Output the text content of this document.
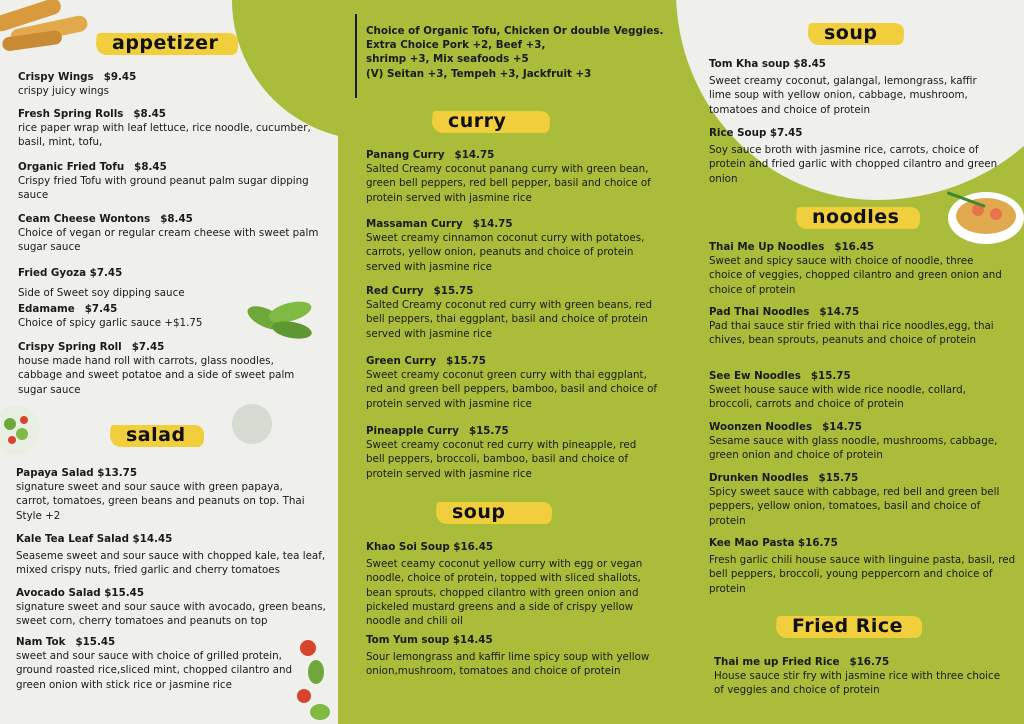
Choice of Organic Tofu, Chicken Or double Veggies.
Extra Choice Pork +2, Beef +3,
shrimp +3, Mix seafoods +5
(V) Seitan +3, Tempeh +3, Jackfruit +3
appetizer
salad
curry
soup
soup
noodles
Fried Rice
Crispy Wings $9.45
crispy juicy wings
Fresh Spring Rolls $8.45
rice paper wrap with leaf lettuce, rice noodle, cucumber, basil, mint, tofu,
Organic Fried Tofu $8.45
Crispy fried Tofu with ground peanut palm sugar dipping sauce
Ceam Cheese Wontons $8.45
Choice of vegan or regular cream cheese with sweet palm sugar sauce
Fried Gyoza $7.45
Side of Sweet soy dipping sauce
Edamame $7.45
Choice of spicy garlic sauce +$1.75
Crispy Spring Roll $7.45
house made hand roll with carrots, glass noodles, cabbage and sweet potatoe and a side of sweet palm sugar sauce
Papaya Salad $13.75
signature sweet and sour sauce with green papaya, carrot, tomatoes, green beans and peanuts on top. Thai Style +2
Kale Tea Leaf Salad $14.45
Seaseme sweet and sour sauce with chopped kale, tea leaf, mixed crispy nuts, fried garlic and cherry tomatoes
Avocado Salad $15.45
signature sweet and sour sauce with avocado, green beans, sweet corn, cherry tomatoes and peanuts on top
Nam Tok $15.45
sweet and sour sauce with choice of grilled protein, ground roasted rice,sliced mint, chopped cilantro and green onion with stick rice or jasmine rice
Panang Curry $14.75
Salted Creamy coconut panang curry with green bean, green bell peppers, red bell pepper, basil and choice of protein served with jasmine rice
Massaman Curry $14.75
Sweet creamy cinnamon coconut curry with potatoes, carrots, yellow onion, peanuts and choice of protein served with jasmine rice
Red Curry $15.75
Salted Creamy coconut red curry with green beans, red bell peppers, thai eggplant, basil and choice of protein served with jasmine rice
Green Curry $15.75
Sweet creamy coconut green curry with thai eggplant, red and green bell peppers, bamboo, basil and choice of protein served with jasmine rice
Pineapple Curry $15.75
Sweet creamy coconut red curry with pineapple, red bell peppers, broccoli, bamboo, basil and choice of protein served with jasmine rice
Khao Soi Soup $16.45
Sweet ceamy coconut yellow curry with egg or vegan noodle, choice of protein, topped with sliced shallots, bean sprouts, chopped cilantro with green onion and pickeled mustard greens and a side of crispy yellow noodle and chili oil
Tom Yum soup $14.45
Sour lemongrass and kaffir lime spicy soup with yellow onion,mushroom, tomatoes and choice of protein
Tom Kha soup $8.45
Sweet creamy coconut, galangal, lemongrass, kaffir lime soup with yellow onion, cabbage, mushroom, tomatoes and choice of protein
Rice Soup $7.45
Soy sauce broth with jasmine rice, carrots, choice of protein and fried garlic with chopped cilantro and green onion
Thai Me Up Noodles $16.45
Sweet and spicy sauce with choice of noodle, three choice of veggies, chopped cilantro and green onion and choice of protein
Pad Thai Noodles $14.75
Pad thai sauce stir fried with thai rice noodles,egg, thai chives, bean sprouts, peanuts and choice of protein
See Ew Noodles $15.75
Sweet house sauce with wide rice noodle, collard, broccoli, carrots and choice of protein
Woonzen Noodles $14.75
Sesame sauce with glass noodle, mushrooms, cabbage, green onion and choice of protein
Drunken Noodles $15.75
Spicy sweet sauce with cabbage, red bell and green bell peppers, yellow onion, tomatoes, basil and choice of protein
Kee Mao Pasta $16.75
Fresh garlic chili house sauce with linguine pasta, basil, red bell peppers, broccoli, young peppercorn and choice of protein
Thai me up Fried Rice $16.75
House sauce stir fry with jasmine rice with three choice of veggies and choice of protein
